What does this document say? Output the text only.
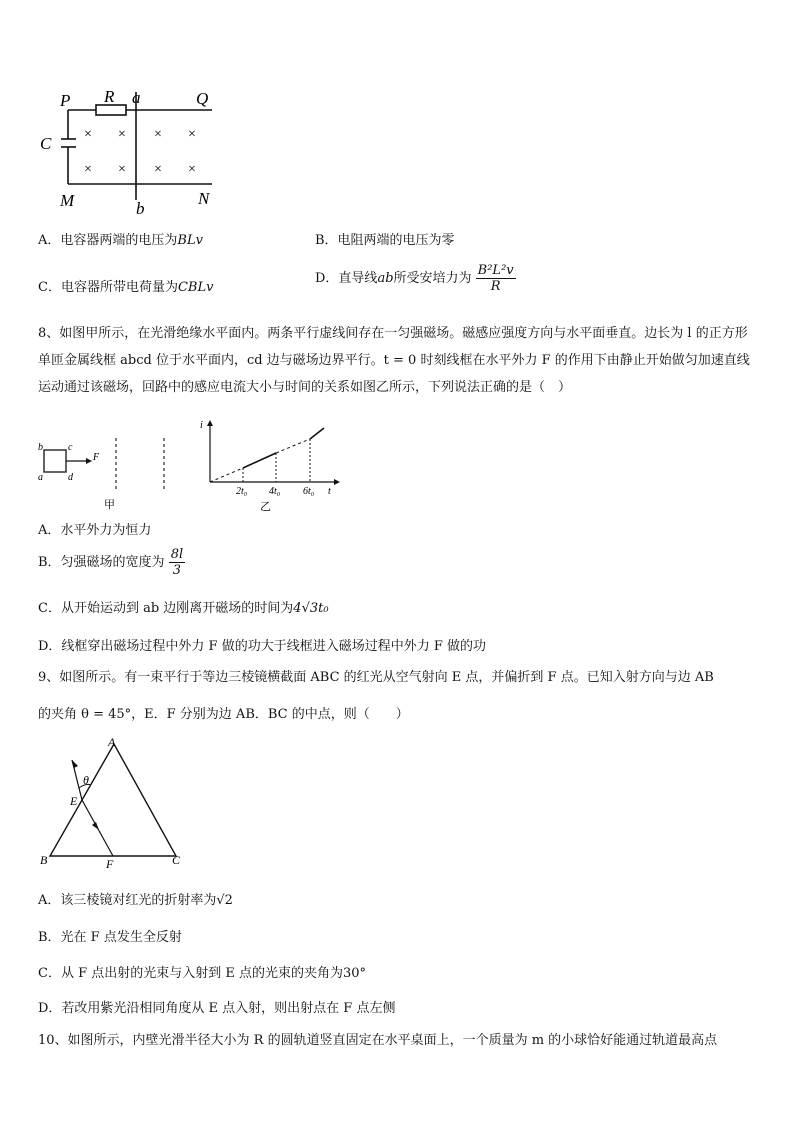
P R a	Q
C
M	b
N
× × × ×
× × × ×
A．电容器两端的电压为BLv	B．电阻两端的电压为零
C．电容器所带电荷量为CBLv
D．直导线ab所受安培力为 $\frac{\text{B²L²v}}{R}$
8、如图甲所示，在光滑绝缘水平面内。两条平行虚线间存在一匀强磁场。磁感应强度方向与水平面垂直。边长为 l 的正方形单匝金属线框 abcd 位于水平面内，cd 边与磁场边界平行。t = 0 时刻线框在水平外力 F 的作用下由静止开始做匀加速直线运动通过该磁场，回路中的感应电流大小与时间的关系如图乙所示，下列说法正确的是（　）
b	c
a	d
F
甲
i
t
2t₀ 4t₀ 6t₀
乙
A．水平外力为恒力
B．匀强磁场的宽度为 $\frac{8l}{3}$
C．从开始运动到 ab 边刚离开磁场的时间为4√3t₀
D．线框穿出磁场过程中外力 F 做的功大于线框进入磁场过程中外力 F 做的功
9、如图所示。有一束平行于等边三棱镜横截面 ABC 的红光从空气射向 E 点，并偏折到 F 点。已知入射方向与边 AB
的夹角 θ = 45°，E．F 分别为边 AB．BC 的中点，则（　　）
A
θ
E
B	F	C
A．该三棱镜对红光的折射率为√2
B．光在 F 点发生全反射
C．从 F 点出射的光束与入射到 E 点的光束的夹角为30°
D．若改用紫光沿相同角度从 E 点入射，则出射点在 F 点左侧
10、如图所示，内壁光滑半径大小为 R 的圆轨道竖直固定在水平桌面上，一个质量为 m 的小球恰好能通过轨道最高点
